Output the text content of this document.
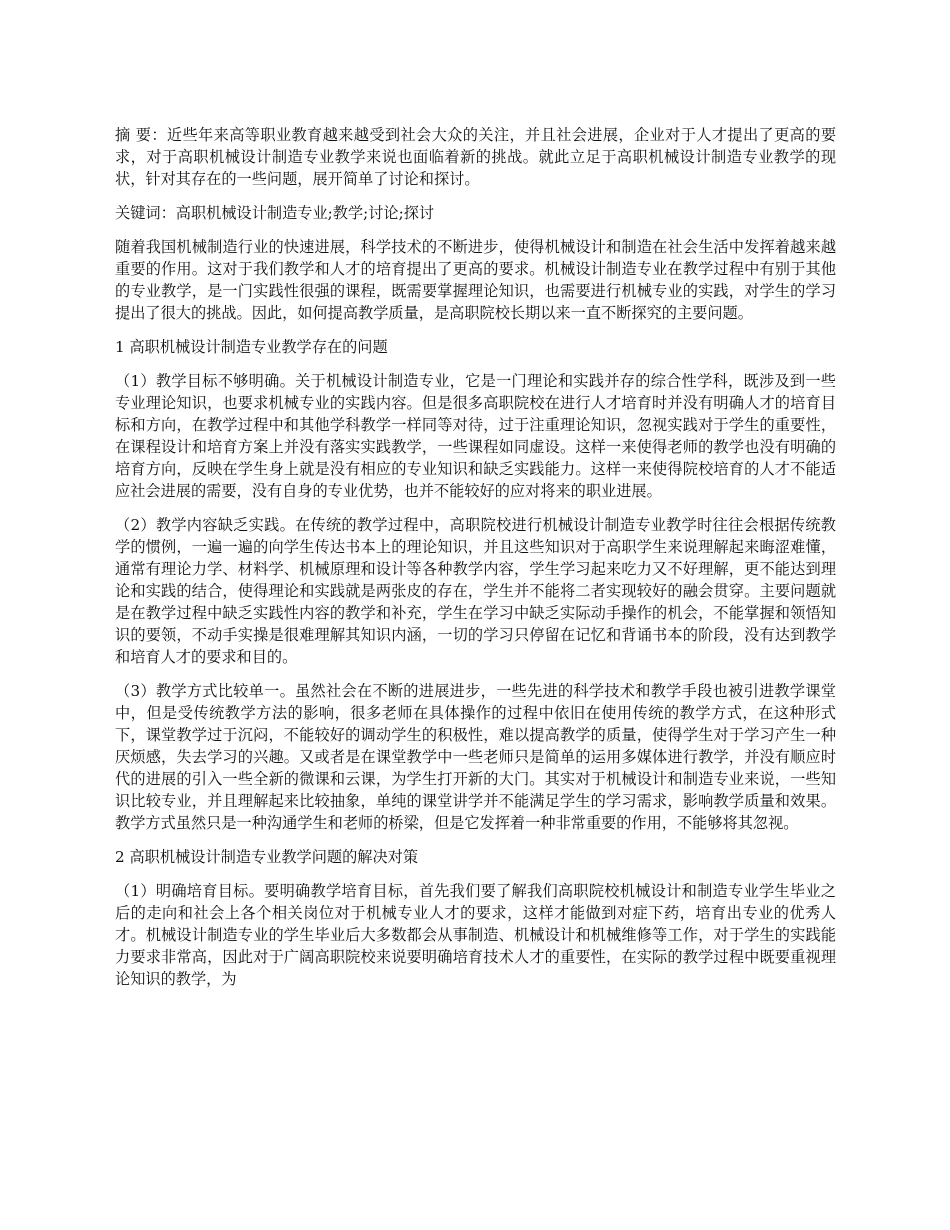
摘 要：近些年来高等职业教育越来越受到社会大众的关注，并且社会进展，企业对于人才提出了更高的要求，对于高职机械设计制造专业教学来说也面临着新的挑战。就此立足于高职机械设计制造专业教学的现状，针对其存在的一些问题，展开简单了讨论和探讨。

关键词：高职机械设计制造专业;教学;讨论;探讨

随着我国机械制造行业的快速进展，科学技术的不断进步，使得机械设计和制造在社会生活中发挥着越来越重要的作用。这对于我们教学和人才的培育提出了更高的要求。机械设计制造专业在教学过程中有别于其他的专业教学，是一门实践性很强的课程，既需要掌握理论知识，也需要进行机械专业的实践，对学生的学习提出了很大的挑战。因此，如何提高教学质量，是高职院校长期以来一直不断探究的主要问题。

1 高职机械设计制造专业教学存在的问题

（1）教学目标不够明确。关于机械设计制造专业，它是一门理论和实践并存的综合性学科，既涉及到一些专业理论知识，也要求机械专业的实践内容。但是很多高职院校在进行人才培育时并没有明确人才的培育目标和方向，在教学过程中和其他学科教学一样同等对待，过于注重理论知识，忽视实践对于学生的重要性，在课程设计和培育方案上并没有落实实践教学，一些课程如同虚设。这样一来使得老师的教学也没有明确的培育方向，反映在学生身上就是没有相应的专业知识和缺乏实践能力。这样一来使得院校培育的人才不能适应社会进展的需要，没有自身的专业优势，也并不能较好的应对将来的职业进展。

（2）教学内容缺乏实践。在传统的教学过程中，高职院校进行机械设计制造专业教学时往往会根据传统教学的惯例，一遍一遍的向学生传达书本上的理论知识，并且这些知识对于高职学生来说理解起来晦涩难懂，通常有理论力学、材料学、机械原理和设计等各种教学内容，学生学习起来吃力又不好理解，更不能达到理论和实践的结合，使得理论和实践就是两张皮的存在，学生并不能将二者实现较好的融会贯穿。主要问题就是在教学过程中缺乏实践性内容的教学和补充，学生在学习中缺乏实际动手操作的机会，不能掌握和领悟知识的要领，不动手实操是很难理解其知识内涵，一切的学习只停留在记忆和背诵书本的阶段，没有达到教学和培育人才的要求和目的。

（3）教学方式比较单一。虽然社会在不断的进展进步，一些先进的科学技术和教学手段也被引进教学课堂中，但是受传统教学方法的影响，很多老师在具体操作的过程中依旧在使用传统的教学方式，在这种形式下，课堂教学过于沉闷，不能较好的调动学生的积极性，难以提高教学的质量，使得学生对于学习产生一种厌烦感，失去学习的兴趣。又或者是在课堂教学中一些老师只是简单的运用多媒体进行教学，并没有顺应时代的进展的引入一些全新的微课和云课，为学生打开新的大门。其实对于机械设计和制造专业来说，一些知识比较专业，并且理解起来比较抽象，单纯的课堂讲学并不能满足学生的学习需求，影响教学质量和效果。教学方式虽然只是一种沟通学生和老师的桥梁，但是它发挥着一种非常重要的作用，不能够将其忽视。

2 高职机械设计制造专业教学问题的解决对策

（1）明确培育目标。要明确教学培育目标，首先我们要了解我们高职院校机械设计和制造专业学生毕业之后的走向和社会上各个相关岗位对于机械专业人才的要求，这样才能做到对症下药，培育出专业的优秀人才。机械设计制造专业的学生毕业后大多数都会从事制造、机械设计和机械维修等工作，对于学生的实践能力要求非常高，因此对于广阔高职院校来说要明确培育技术人才的重要性，在实际的教学过程中既要重视理论知识的教学，为
